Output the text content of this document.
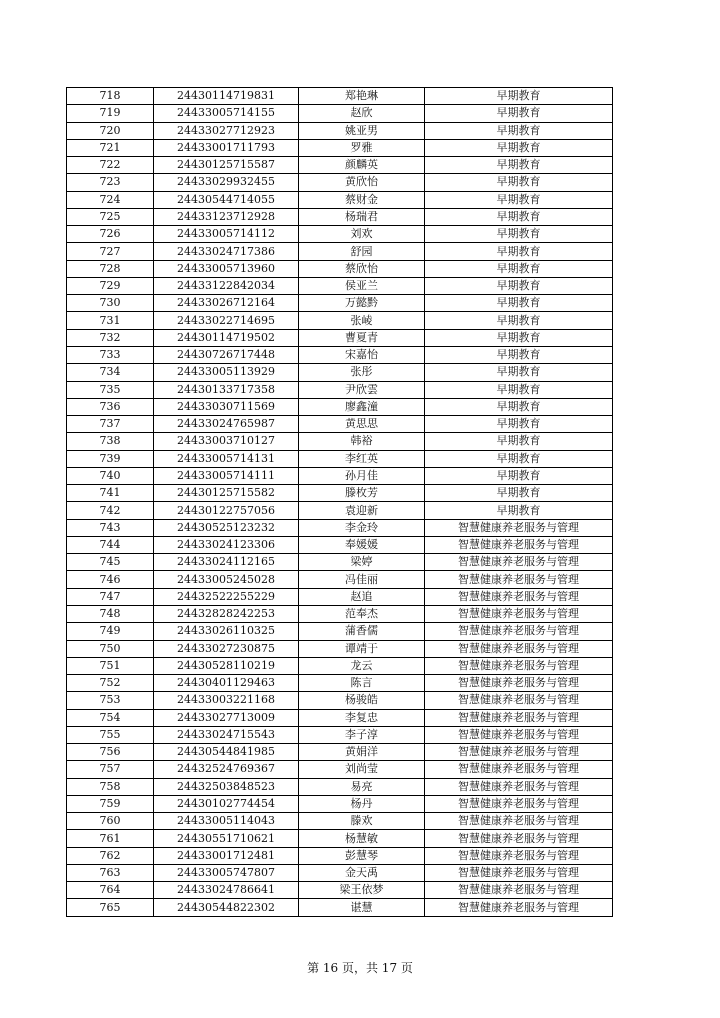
718	24430114719831	郑艳琳	早期教育
719	24433005714155	赵欣	早期教育
720	24433027712923	姚亚男	早期教育
721	24433001711793	罗雅	早期教育
722	24430125715587	颜麟英	早期教育
723	24433029932455	黄欣怡	早期教育
724	24430544714055	蔡财金	早期教育
725	24433123712928	杨瑞君	早期教育
726	24433005714112	刘欢	早期教育
727	24433024717386	舒园	早期教育
728	24433005713960	蔡欣怡	早期教育
729	24433122842034	侯亚兰	早期教育
730	24433026712164	万懿黔	早期教育
731	24433022714695	张崚	早期教育
732	24430114719502	曹夏青	早期教育
733	24430726717448	宋嘉怡	早期教育
734	24433005113929	张彤	早期教育
735	24430133717358	尹欣雲	早期教育
736	24433030711569	廖鑫潼	早期教育
737	24433024765987	黄思思	早期教育
738	24433003710127	韩裕	早期教育
739	24433005714131	李红英	早期教育
740	24433005714111	孙月佳	早期教育
741	24430125715582	滕枚芳	早期教育
742	24430122757056	袁迎新	早期教育
743	24430525123232	李金玲	智慧健康养老服务与管理
744	24433024123306	奉媛媛	智慧健康养老服务与管理
745	24433024112165	梁婷	智慧健康养老服务与管理
746	24433005245028	冯佳丽	智慧健康养老服务与管理
747	24432522255229	赵追	智慧健康养老服务与管理
748	24432828242253	范奉杰	智慧健康养老服务与管理
749	24433026110325	蒲香儒	智慧健康养老服务与管理
750	24433027230875	谭靖于	智慧健康养老服务与管理
751	24430528110219	龙云	智慧健康养老服务与管理
752	24430401129463	陈言	智慧健康养老服务与管理
753	24433003221168	杨骏皓	智慧健康养老服务与管理
754	24433027713009	李复忠	智慧健康养老服务与管理
755	24433024715543	李子淳	智慧健康养老服务与管理
756	24430544841985	黄娟洋	智慧健康养老服务与管理
757	24432524769367	刘尚莹	智慧健康养老服务与管理
758	24432503848523	易亮	智慧健康养老服务与管理
759	24430102774454	杨丹	智慧健康养老服务与管理
760	24433005114043	滕欢	智慧健康养老服务与管理
761	24430551710621	杨慧敏	智慧健康养老服务与管理
762	24433001712481	彭慧琴	智慧健康养老服务与管理
763	24433005747807	金天禹	智慧健康养老服务与管理
764	24433024786641	梁王依梦	智慧健康养老服务与管理
765	24430544822302	谌慧	智慧健康养老服务与管理
第 16 页，共 17 页
